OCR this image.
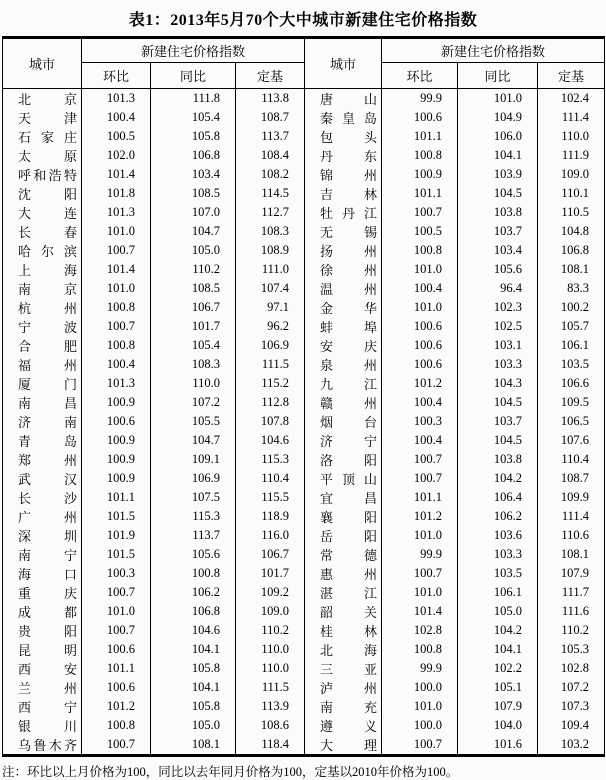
表1：2013年5月70个大中城市新建住宅价格指数
城市	新建住宅价格指数			城市	新建住宅价格指数		
	环比	同比	定基		环比	同比	定基
北京	101.3	111.8	113.8	唐山	99.9	101.0	102.4
天津	100.4	105.4	108.7	秦皇岛	100.6	104.9	111.4
石家庄	100.5	105.8	113.7	包头	101.1	106.0	110.0
太原	102.0	106.8	108.4	丹东	100.8	104.1	111.9
呼和浩特	101.4	103.4	108.2	锦州	100.9	103.9	109.0
沈阳	101.8	108.5	114.5	吉林	101.1	104.5	110.1
大连	101.3	107.0	112.7	牡丹江	100.7	103.8	110.5
长春	101.0	104.7	108.3	无锡	100.5	103.7	104.8
哈尔滨	100.7	105.0	108.9	扬州	100.8	103.4	106.8
上海	101.4	110.2	111.0	徐州	101.0	105.6	108.1
南京	101.0	108.5	107.4	温州	100.4	96.4	83.3
杭州	100.8	106.7	97.1	金华	101.0	102.3	100.2
宁波	100.7	101.7	96.2	蚌埠	100.6	102.5	105.7
合肥	100.8	105.4	106.9	安庆	100.6	103.1	106.1
福州	100.4	108.3	111.5	泉州	100.6	103.3	103.5
厦门	101.3	110.0	115.2	九江	101.2	104.3	106.6
南昌	100.9	107.2	112.8	赣州	100.4	104.5	109.5
济南	100.6	105.5	107.8	烟台	100.3	103.7	106.5
青岛	100.9	104.7	104.6	济宁	100.4	104.5	107.6
郑州	100.9	109.1	115.3	洛阳	100.7	103.8	110.4
武汉	100.9	106.9	110.4	平顶山	100.7	104.2	108.7
长沙	101.1	107.5	115.5	宜昌	101.1	106.4	109.9
广州	101.5	115.3	118.9	襄阳	101.2	106.2	111.4
深圳	101.9	113.7	116.0	岳阳	101.0	103.6	110.6
南宁	101.5	105.6	106.7	常德	99.9	103.3	108.1
海口	100.3	100.8	101.7	惠州	100.7	103.5	107.9
重庆	100.7	106.2	109.2	湛江	101.0	106.1	111.7
成都	101.0	106.8	109.0	韶关	101.4	105.0	111.6
贵阳	100.7	104.6	110.2	桂林	102.8	104.2	110.2
昆明	100.6	104.1	110.0	北海	100.8	104.1	105.3
西安	101.1	105.8	110.0	三亚	99.9	102.2	102.8
兰州	100.6	104.1	111.5	泸州	100.0	105.1	107.2
西宁	101.2	105.8	113.9	南充	101.0	107.9	107.3
银川	100.8	105.0	108.6	遵义	100.0	104.0	109.4
乌鲁木齐	100.7	108.1	118.4	大理	100.7	101.6	103.2
注：环比以上月价格为100，同比以去年同月价格为100，定基以2010年价格为100。
